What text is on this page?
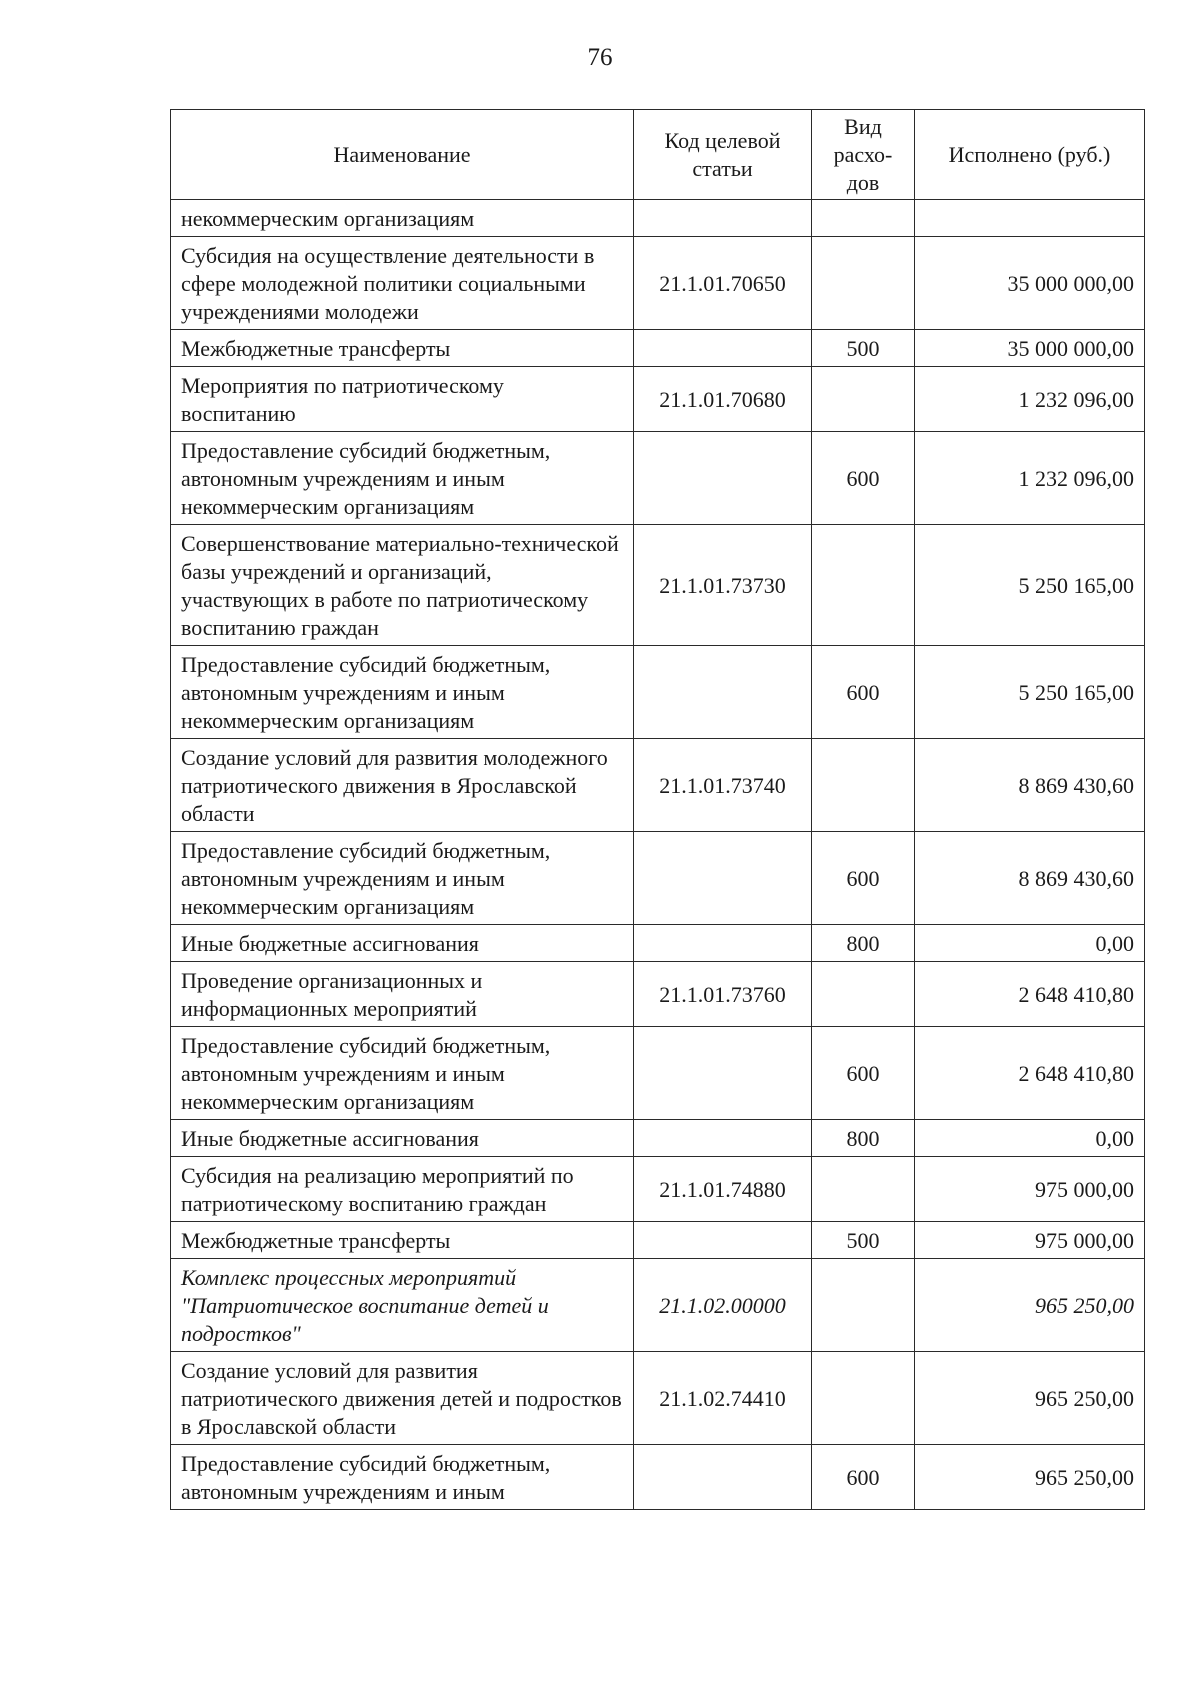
76
Наименование	Код целевой статьи	Вид расхо-дов	Исполнено (руб.)
некоммерческим организациям			
Субсидия на осуществление деятельности в сфере молодежной политики социальными учреждениями молодежи	21.1.01.70650		35 000 000,00
Межбюджетные трансферты		500	35 000 000,00
Мероприятия по патриотическому воспитанию	21.1.01.70680		1 232 096,00
Предоставление субсидий бюджетным, автономным учреждениям и иным некоммерческим организациям		600	1 232 096,00
Совершенствование материально-технической базы учреждений и организаций, участвующих в работе по патриотическому воспитанию граждан	21.1.01.73730		5 250 165,00
Предоставление субсидий бюджетным, автономным учреждениям и иным некоммерческим организациям		600	5 250 165,00
Создание условий для развития молодежного патриотического движения в Ярославской области	21.1.01.73740		8 869 430,60
Предоставление субсидий бюджетным, автономным учреждениям и иным некоммерческим организациям		600	8 869 430,60
Иные бюджетные ассигнования		800	0,00
Проведение организационных и информационных мероприятий	21.1.01.73760		2 648 410,80
Предоставление субсидий бюджетным, автономным учреждениям и иным некоммерческим организациям		600	2 648 410,80
Иные бюджетные ассигнования		800	0,00
Субсидия на реализацию мероприятий по патриотическому воспитанию граждан	21.1.01.74880		975 000,00
Межбюджетные трансферты		500	975 000,00
Комплекс процессных мероприятий "Патриотическое воспитание детей и подростков"	21.1.02.00000		965 250,00
Создание условий для развития патриотического движения детей и подростков в Ярославской области	21.1.02.74410		965 250,00
Предоставление субсидий бюджетным, автономным учреждениям и иным		600	965 250,00
